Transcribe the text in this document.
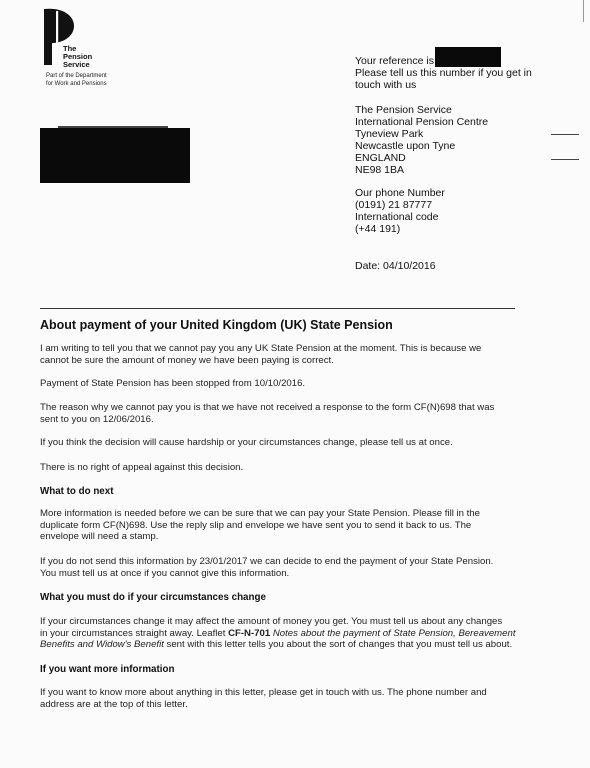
The
Pension
Service
Part of the Department
for Work and Pensions
Your reference is
Please tell us this number if you get in
touch with us
The Pension Service
International Pension Centre
Tyneview Park
Newcastle upon Tyne
ENGLAND
NE98 1BA
Our phone Number
(0191) 21 87777
International code
(+44 191)
Date: 04/10/2016
About payment of your United Kingdom (UK) State Pension

I am writing to tell you that we cannot pay you any UK State Pension at the moment. This is because we

cannot be sure the amount of money we have been paying is correct.

Payment of State Pension has been stopped from 10/10/2016.

The reason why we cannot pay you is that we have not received a response to the form CF(N)698 that was

sent to you on 12/06/2016.

If you think the decision will cause hardship or your circumstances change, please tell us at once.

There is no right of appeal against this decision.

What to do next

More information is needed before we can be sure that we can pay your State Pension. Please fill in the

duplicate form CF(N)698. Use the reply slip and envelope we have sent you to send it back to us. The

envelope will need a stamp.

If you do not send this information by 23/01/2017 we can decide to end the payment of your State Pension.

You must tell us at once if you cannot give this information.

What you must do if your circumstances change

If your circumstances change it may affect the amount of money you get. You must tell us about any changes

in your circumstances straight away. Leaflet CF-N-701 Notes about the payment of State Pension, Bereavement

Benefits and Widow's Benefit sent with this letter tells you about the sort of changes that you must tell us about.

If you want more information

If you want to know more about anything in this letter, please get in touch with us. The phone number and

address are at the top of this letter.
